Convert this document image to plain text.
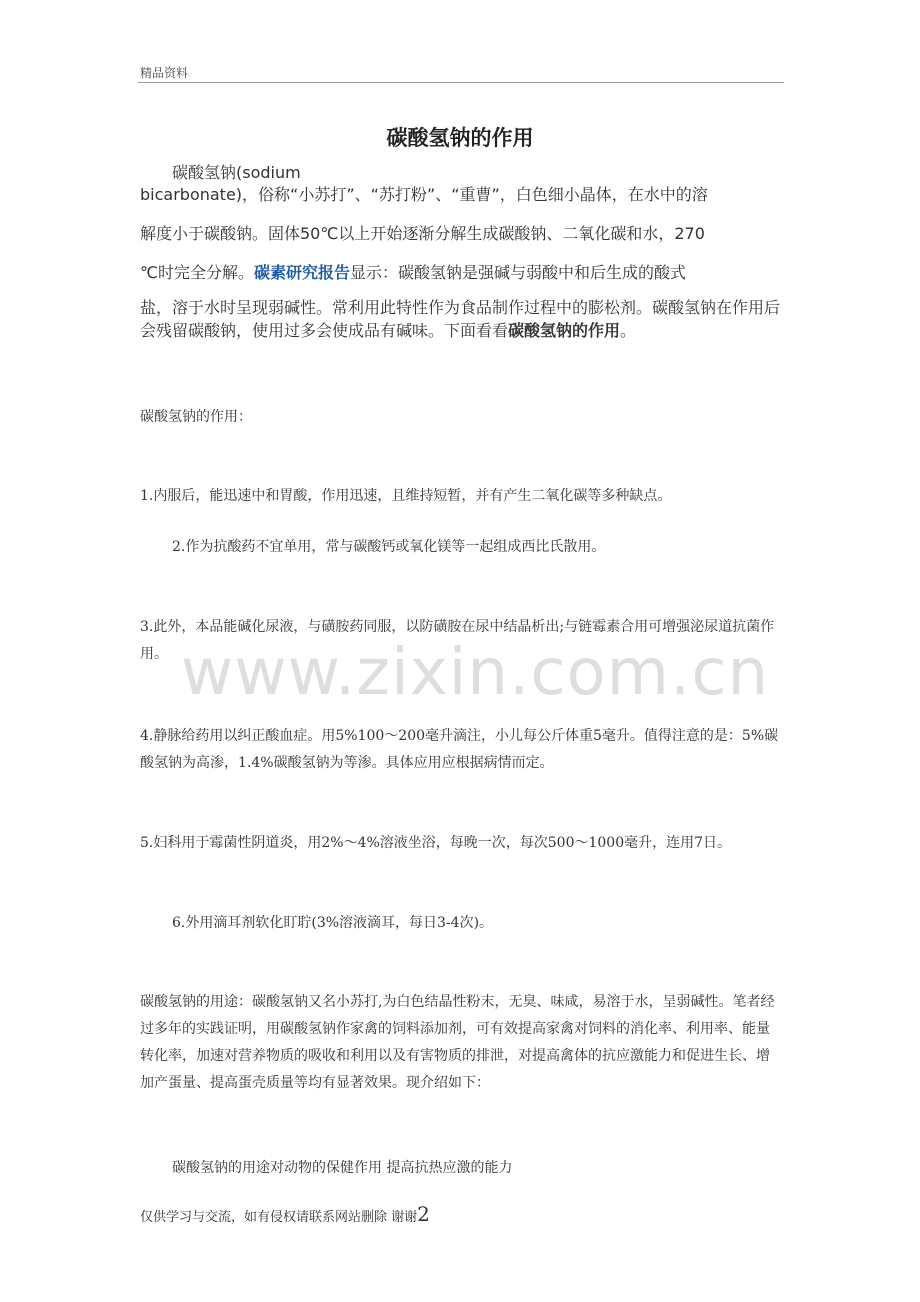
精品资料
碳酸氢钠的作用
碳酸氢钠(sodium
bicarbonate)，俗称“小苏打”、“苏打粉”、“重曹”，白色细小晶体，在水中的溶
解度小于碳酸钠。固体50℃以上开始逐渐分解生成碳酸钠、二氧化碳和水，270
℃时完全分解。碳素研究报告显示：碳酸氢钠是强碱与弱酸中和后生成的酸式
盐，溶于水时呈现弱碱性。常利用此特性作为食品制作过程中的膨松剂。碳酸氢钠在作用后会残留碳酸钠，使用过多会使成品有碱味。下面看看碳酸氢钠的作用。
碳酸氢钠的作用：
1.内服后，能迅速中和胃酸，作用迅速，且维持短暂，并有产生二氧化碳等多种缺点。
2.作为抗酸药不宜单用，常与碳酸钙或氧化镁等一起组成西比氏散用。
3.此外，本品能碱化尿液，与磺胺药同服，以防磺胺在尿中结晶析出;与链霉素合用可增强泌尿道抗菌作用。
4.静脉给药用以纠正酸血症。用5%100～200毫升滴注，小儿每公斤体重5毫升。值得注意的是：5%碳酸氢钠为高渗，1.4%碳酸氢钠为等渗。具体应用应根据病情而定。
5.妇科用于霉菌性阴道炎，用2%～4%溶液坐浴，每晚一次，每次500～1000毫升，连用7日。
6.外用滴耳剂软化盯聍(3%溶液滴耳，每日3-4次)。
碳酸氢钠的用途：碳酸氢钠又名小苏打,为白色结晶性粉末，无臭、味咸，易溶于水，呈弱碱性。笔者经过多年的实践证明，用碳酸氢钠作家禽的饲料添加剂，可有效提高家禽对饲料的消化率、利用率、能量转化率，加速对营养物质的吸收和利用以及有害物质的排泄，对提高禽体的抗应激能力和促进生长、增加产蛋量、提高蛋壳质量等均有显著效果。现介绍如下：
碳酸氢钠的用途对动物的保健作用 提高抗热应激的能力
www.zixin.com.cn
仅供学习与交流，如有侵权请联系网站删除 谢谢2
